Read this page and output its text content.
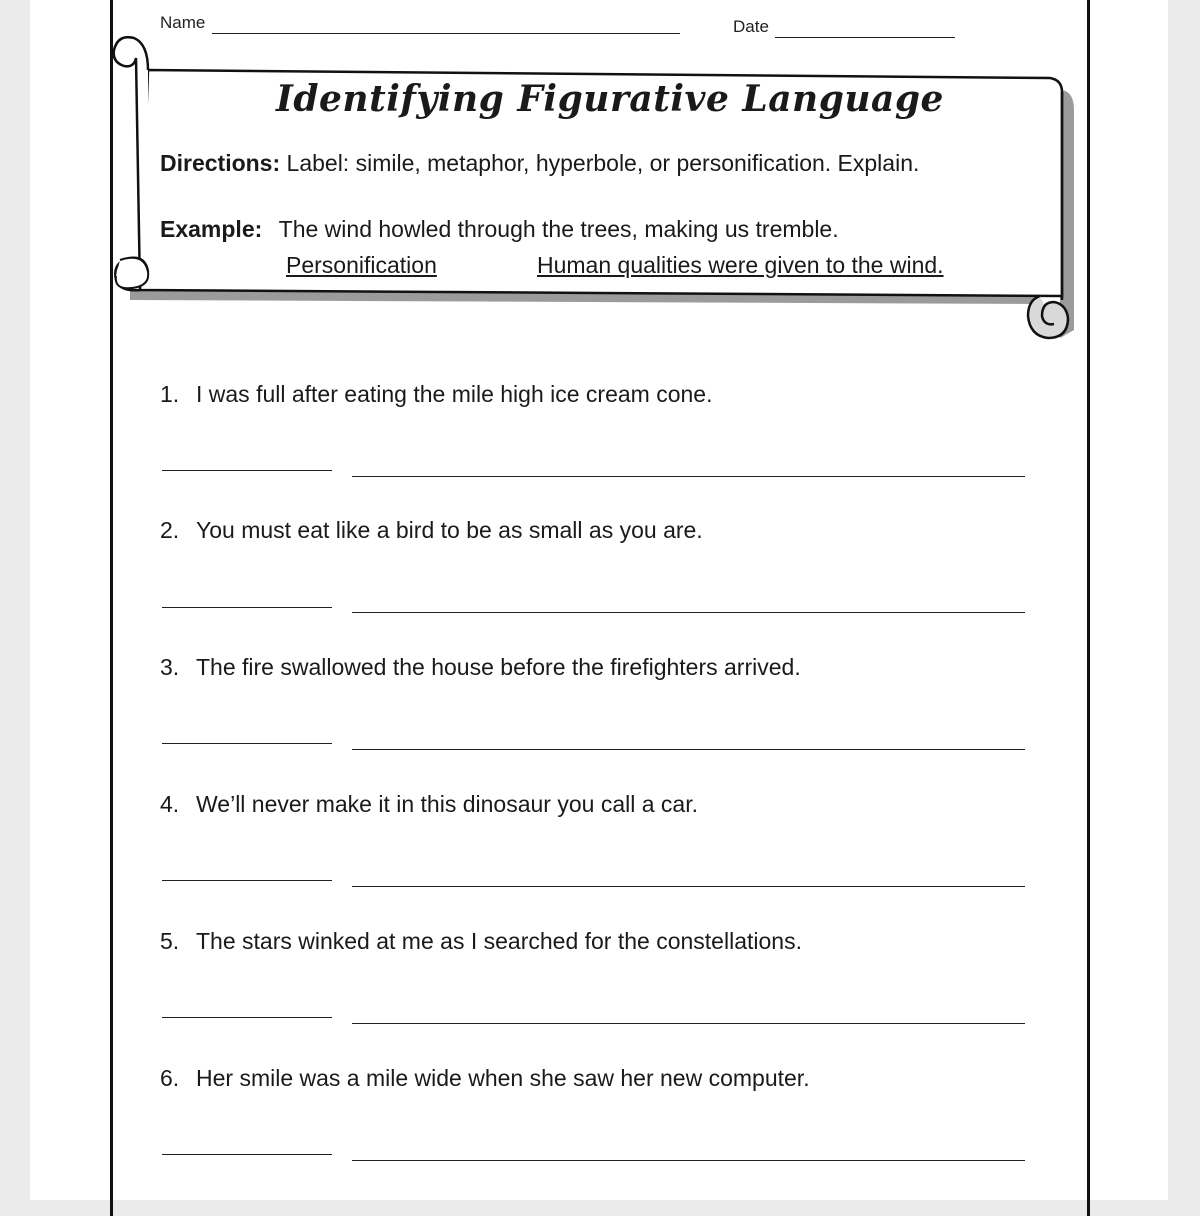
Name	Date
Identifying Figurative Language
Directions: Label: simile, metaphor, hyperbole, or personification. Explain.
Example: The wind howled through the trees, making us tremble.
Personification	Human qualities were given to the wind.
1. I was full after eating the mile high ice cream cone.
2. You must eat like a bird to be as small as you are.
3. The fire swallowed the house before the firefighters arrived.
4. We’ll never make it in this dinosaur you call a car.
5. The stars winked at me as I searched for the constellations.
6. Her smile was a mile wide when she saw her new computer.
